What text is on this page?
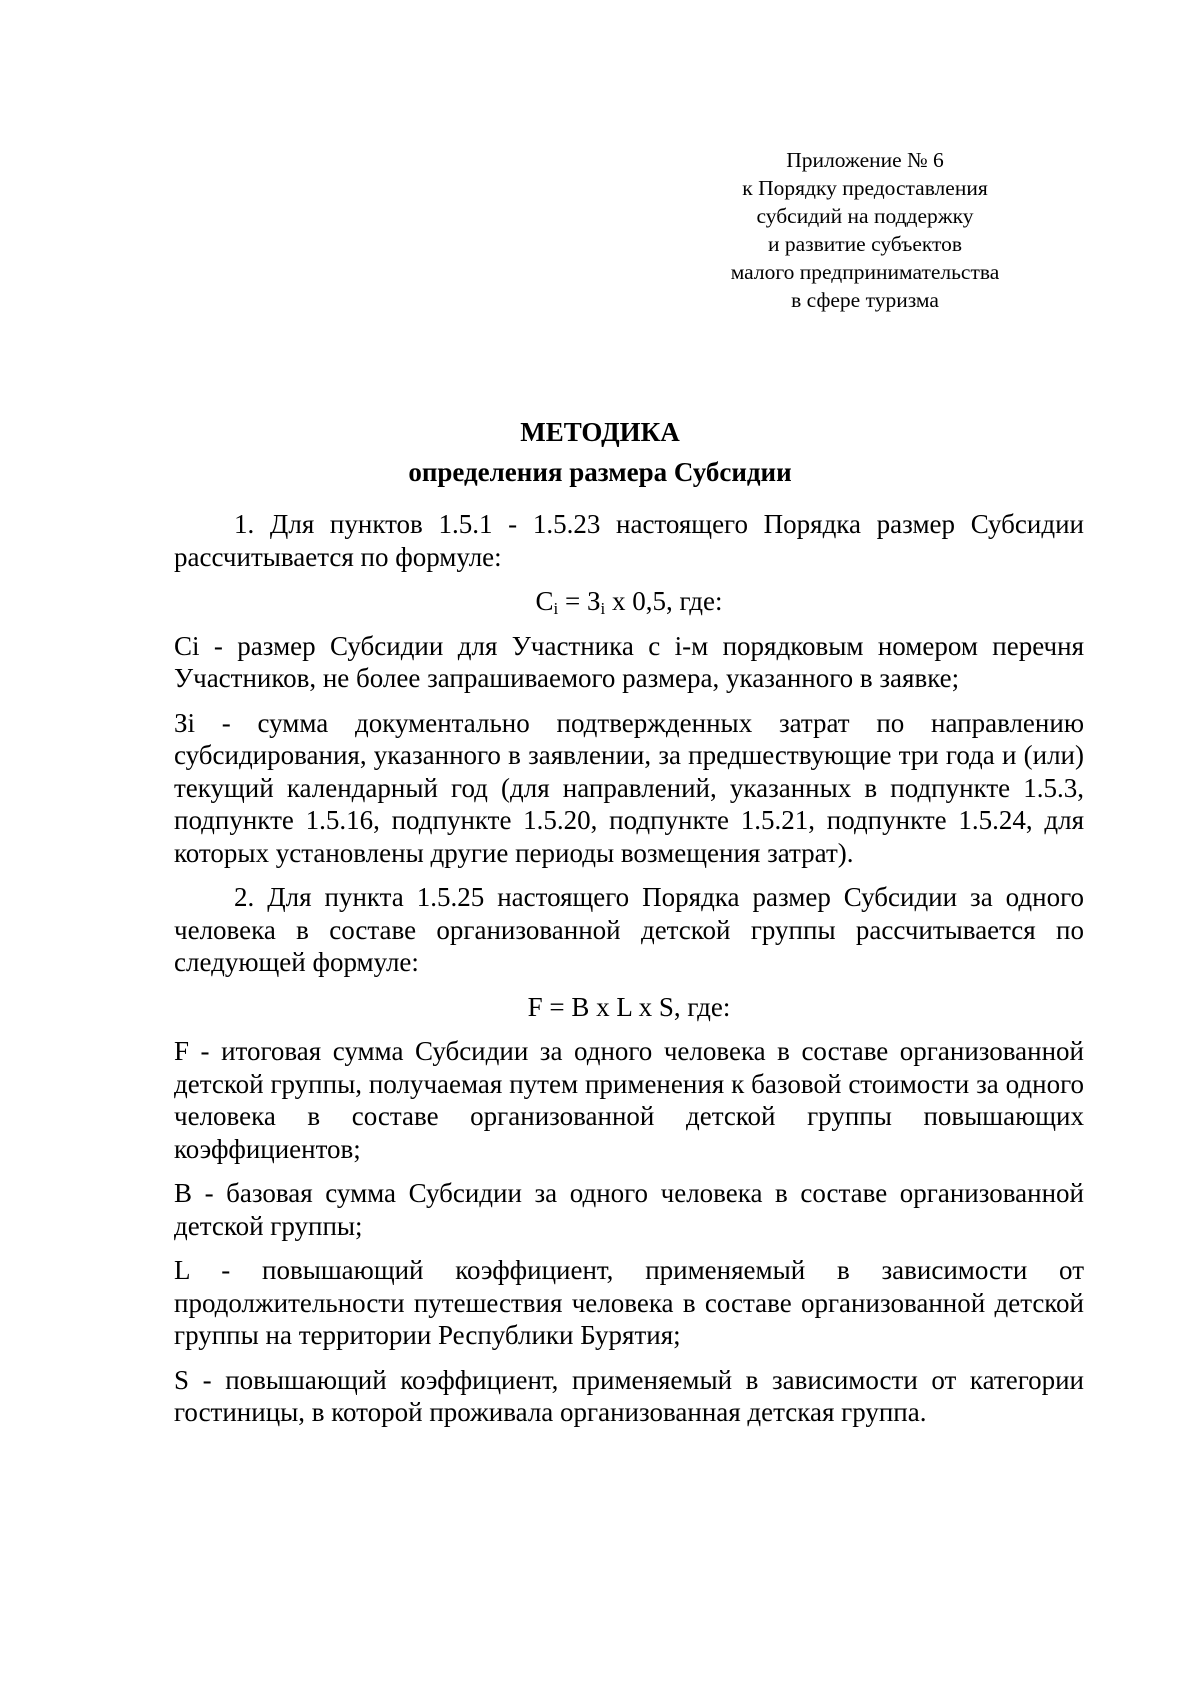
Приложение № 6
к Порядку предоставления
субсидий на поддержку
и развитие субъектов
малого предпринимательства
в сфере туризма
МЕТОДИКА
определения размера Субсидии

1. Для пунктов 1.5.1 - 1.5.23 настоящего Порядка размер Субсидии рассчитывается по формуле:

$С_i = З_i$ x 0,5, где:

Ci - размер Субсидии для Участника с i-м порядковым номером перечня Участников, не более запрашиваемого размера, указанного в заявке;

Зi - сумма документально подтвержденных затрат по направлению субсидирования, указанного в заявлении, за предшествующие три года и (или) текущий календарный год (для направлений, указанных в подпункте 1.5.3, подпункте 1.5.16, подпункте 1.5.20, подпункте 1.5.21, подпункте 1.5.24, для которых установлены другие периоды возмещения затрат).

2. Для пункта 1.5.25 настоящего Порядка размер Субсидии за одного человека в составе организованной детской группы рассчитывается по следующей формуле:

F = B x L x S, где:

F - итоговая сумма Субсидии за одного человека в составе организованной детской группы, получаемая путем применения к базовой стоимости за одного человека в составе организованной детской группы повышающих коэффициентов;

B - базовая сумма Субсидии за одного человека в составе организованной детской группы;

L - повышающий коэффициент, применяемый в зависимости от продолжительности путешествия человека в составе организованной детской группы на территории Республики Бурятия;

S - повышающий коэффициент, применяемый в зависимости от категории гостиницы, в которой проживала организованная детская группа.
